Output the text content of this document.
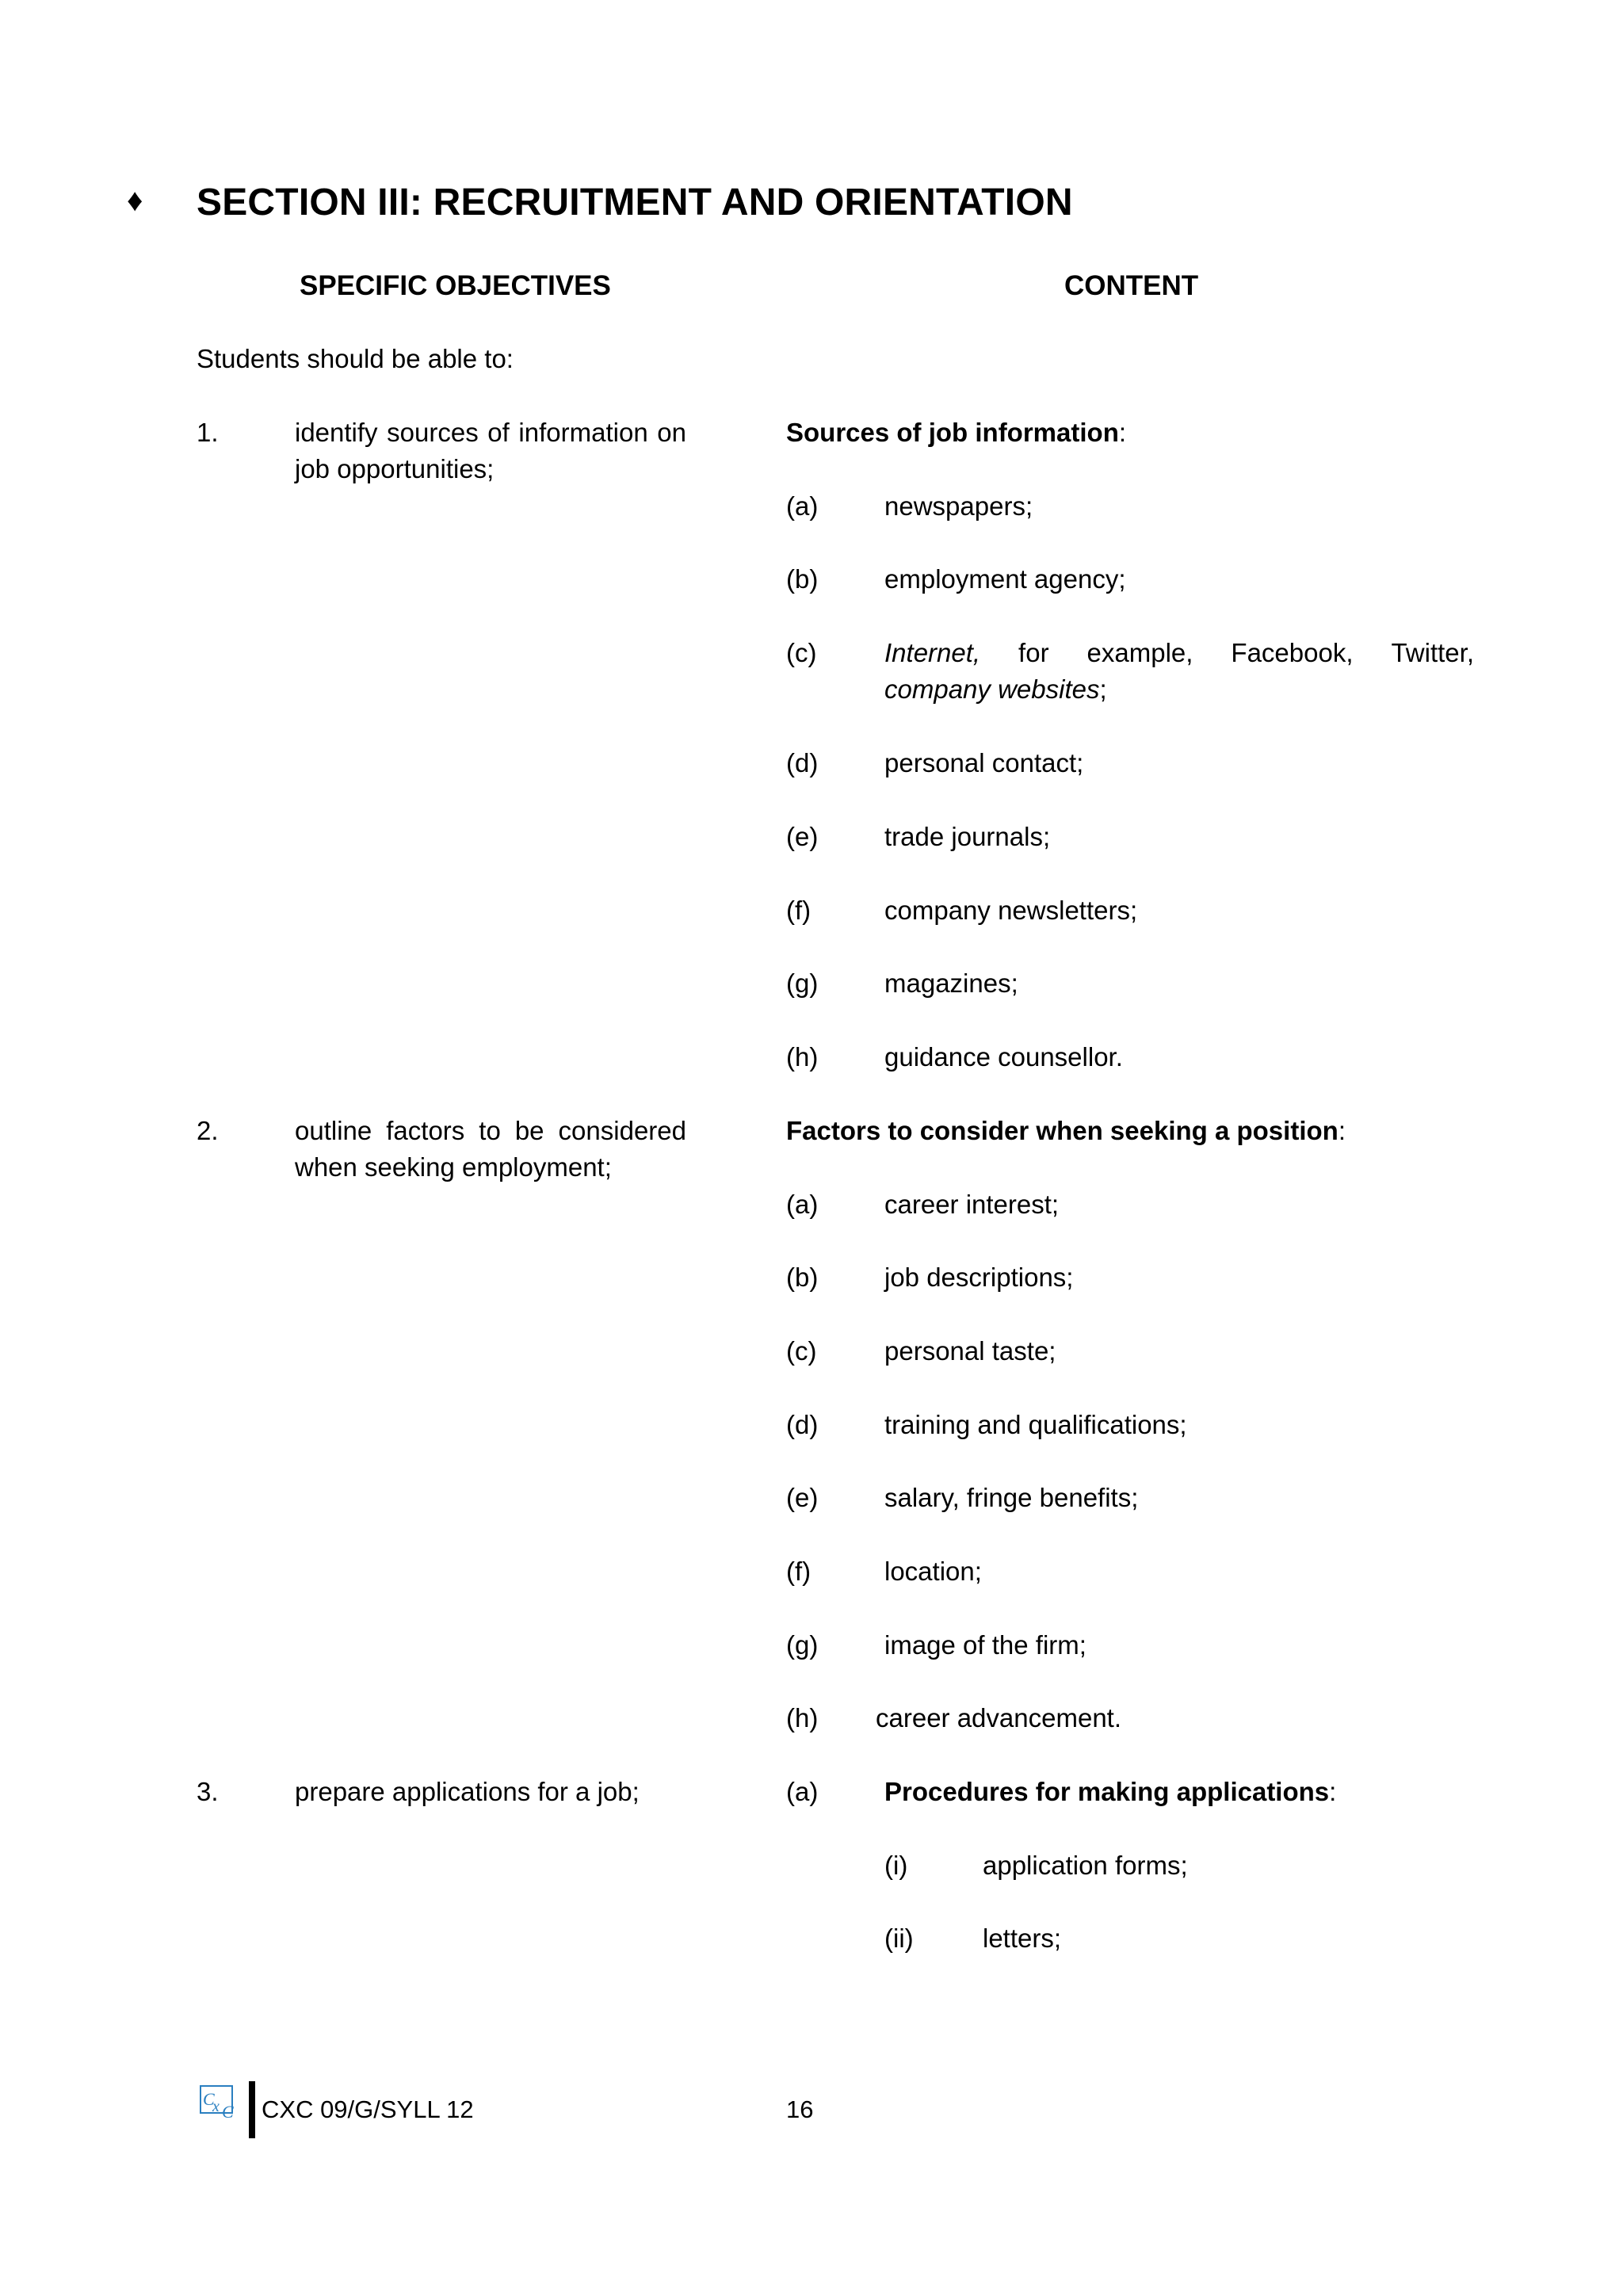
♦ SECTION III: RECRUITMENT AND ORIENTATION
SPECIFIC OBJECTIVES	CONTENT
Students should be able to:
1.	identify sources of information on job opportunities;
Sources of job information:
(a)	newspapers;
(b)	employment agency;
(c)	Internet, for example, Facebook, Twitter,
company websites;
(d)	personal contact;
(e)	trade journals;
(f)	company newsletters;
(g)	magazines;
(h)	guidance counsellor.
2.	outline factors to be considered when seeking employment;
Factors to consider when seeking a position:
(a)	career interest;
(b)	job descriptions;
(c)	personal taste;
(d)	training and qualifications;
(e)	salary, fringe benefits;
(f)	location;
(g)	image of the firm;
(h) career advancement.
3.	prepare applications for a job;	(a)	Procedures for making applications:
(i)	application forms;
(ii)	letters;
C
x C CXC 09/G/SYLL 12	16
